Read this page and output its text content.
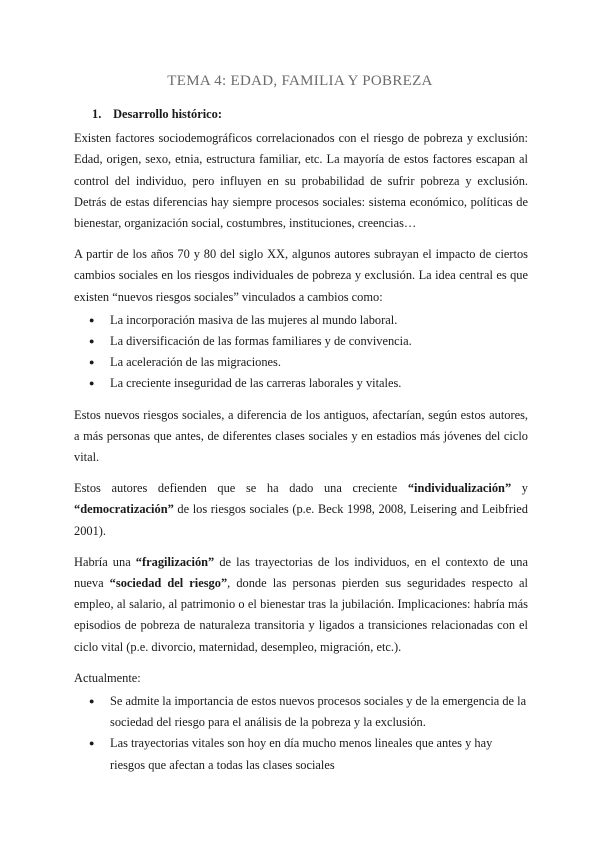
TEMA 4: EDAD, FAMILIA Y POBREZA
1. Desarrollo histórico:

Existen factores sociodemográficos correlacionados con el riesgo de pobreza y exclusión: Edad, origen, sexo, etnia, estructura familiar, etc. La mayoría de estos factores escapan al control del individuo, pero influyen en su probabilidad de sufrir pobreza y exclusión. Detrás de estas diferencias hay siempre procesos sociales: sistema económico, políticas de bienestar, organización social, costumbres, instituciones, creencias…

A partir de los años 70 y 80 del siglo XX, algunos autores subrayan el impacto de ciertos cambios sociales en los riesgos individuales de pobreza y exclusión. La idea central es que existen “nuevos riesgos sociales” vinculados a cambios como:

● La incorporación masiva de las mujeres al mundo laboral.
● La diversificación de las formas familiares y de convivencia.
● La aceleración de las migraciones.
● La creciente inseguridad de las carreras laborales y vitales.

Estos nuevos riesgos sociales, a diferencia de los antiguos, afectarían, según estos autores, a más personas que antes, de diferentes clases sociales y en estadios más jóvenes del ciclo vital.

Estos autores defienden que se ha dado una creciente “individualización” y “democratización” de los riesgos sociales (p.e. Beck 1998, 2008, Leisering and Leibfried 2001).

Habría una “fragilización” de las trayectorias de los individuos, en el contexto de una nueva “sociedad del riesgo”, donde las personas pierden sus seguridades respecto al empleo, al salario, al patrimonio o el bienestar tras la jubilación. Implicaciones: habría más episodios de pobreza de naturaleza transitoria y ligados a transiciones relacionadas con el ciclo vital (p.e. divorcio, maternidad, desempleo, migración, etc.).

Actualmente:

● Se admite la importancia de estos nuevos procesos sociales y de la emergencia de la sociedad del riesgo para el análisis de la pobreza y la exclusión.
● Las trayectorias vitales son hoy en día mucho menos lineales que antes y hay riesgos que afectan a todas las clases sociales
